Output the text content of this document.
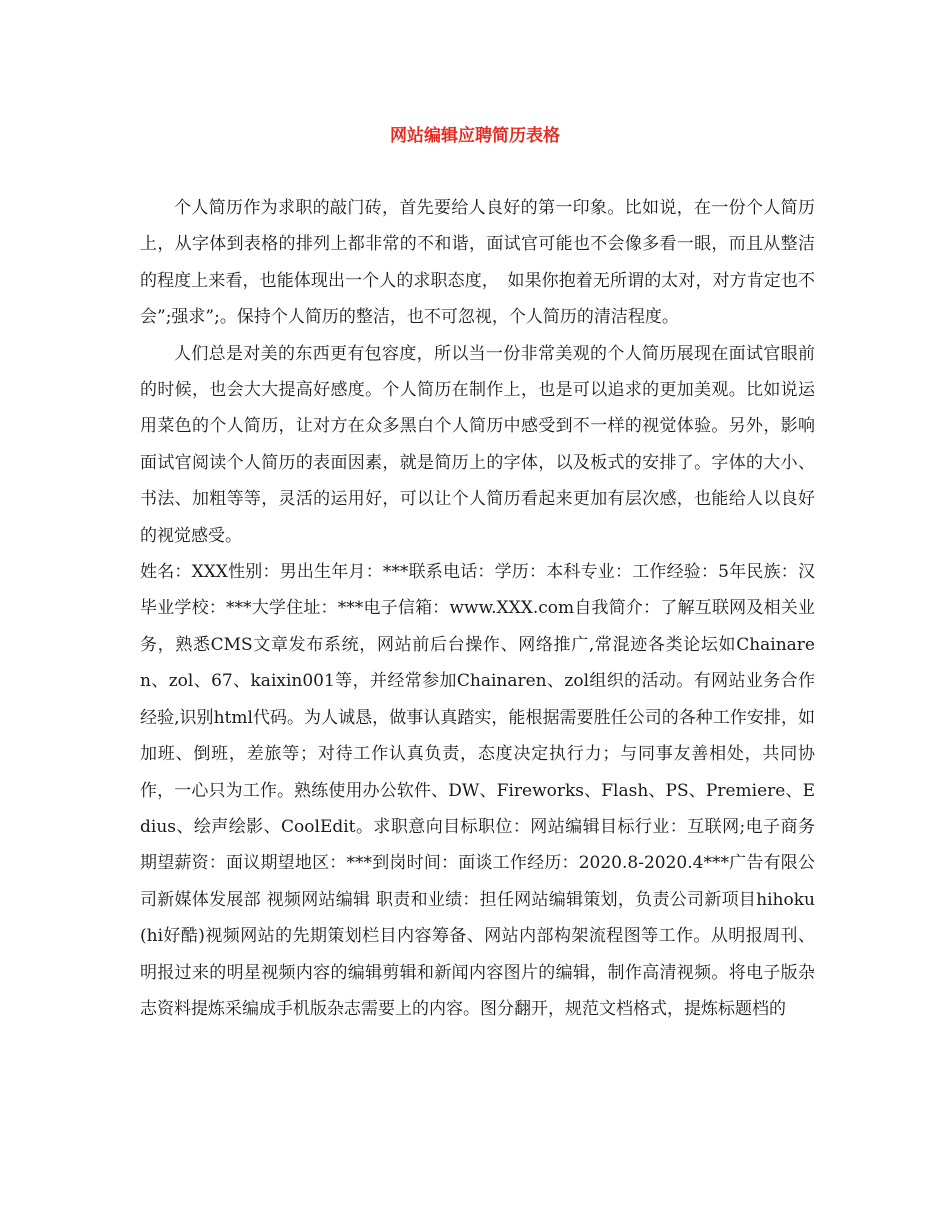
网站编辑应聘简历表格

个人简历作为求职的敲门砖，首先要给人良好的第一印象。比如说，在一份个人简历上，从字体到表格的排列上都非常的不和谐，面试官可能也不会像多看一眼，而且从整洁的程度上来看，也能体现出一个人的求职态度，　如果你抱着无所谓的太对，对方肯定也不会”;强求”;。保持个人简历的整洁，也不可忽视，个人简历的清洁程度。

人们总是对美的东西更有包容度，所以当一份非常美观的个人简历展现在面试官眼前的时候，也会大大提高好感度。个人简历在制作上，也是可以追求的更加美观。比如说运用菜色的个人简历，让对方在众多黑白个人简历中感受到不一样的视觉体验。另外，影响面试官阅读个人简历的表面因素，就是简历上的字体，以及板式的安排了。字体的大小、书法、加粗等等，灵活的运用好，可以让个人简历看起来更加有层次感，也能给人以良好的视觉感受。

姓名：XXX性别：男出生年月：***联系电话：学历：本科专业：工作经验：5年民族：汉毕业学校：***大学住址：***电子信箱：www.XXX.com自我简介：了解互联网及相关业务，熟悉CMS文章发布系统，网站前后台操作、网络推广,常混迹各类论坛如Chainaren、zol、67、kaixin001等，并经常参加Chainaren、zol组织的活动。有网站业务合作经验,识别html代码。为人诚恳，做事认真踏实，能根据需要胜任公司的各种工作安排，如加班、倒班，差旅等；对待工作认真负责，态度决定执行力；与同事友善相处，共同协作，一心只为工作。熟练使用办公软件、DW、Fireworks、Flash、PS、Premiere、Edius、绘声绘影、CoolEdit。求职意向目标职位：网站编辑目标行业：互联网;电子商务期望薪资：面议期望地区：***到岗时间：面谈工作经历：2020.8-2020.4***广告有限公司新媒体发展部 视频网站编辑 职责和业绩：担任网站编辑策划，负责公司新项目hihoku(hi好酷)视频网站的先期策划栏目内容筹备、网站内部构架流程图等工作。从明报周刊、明报过来的明星视频内容的编辑剪辑和新闻内容图片的编辑，制作高清视频。将电子版杂志资料提炼采编成手机版杂志需要上的内容。图分翻开，规范文档格式，提炼标题档的
